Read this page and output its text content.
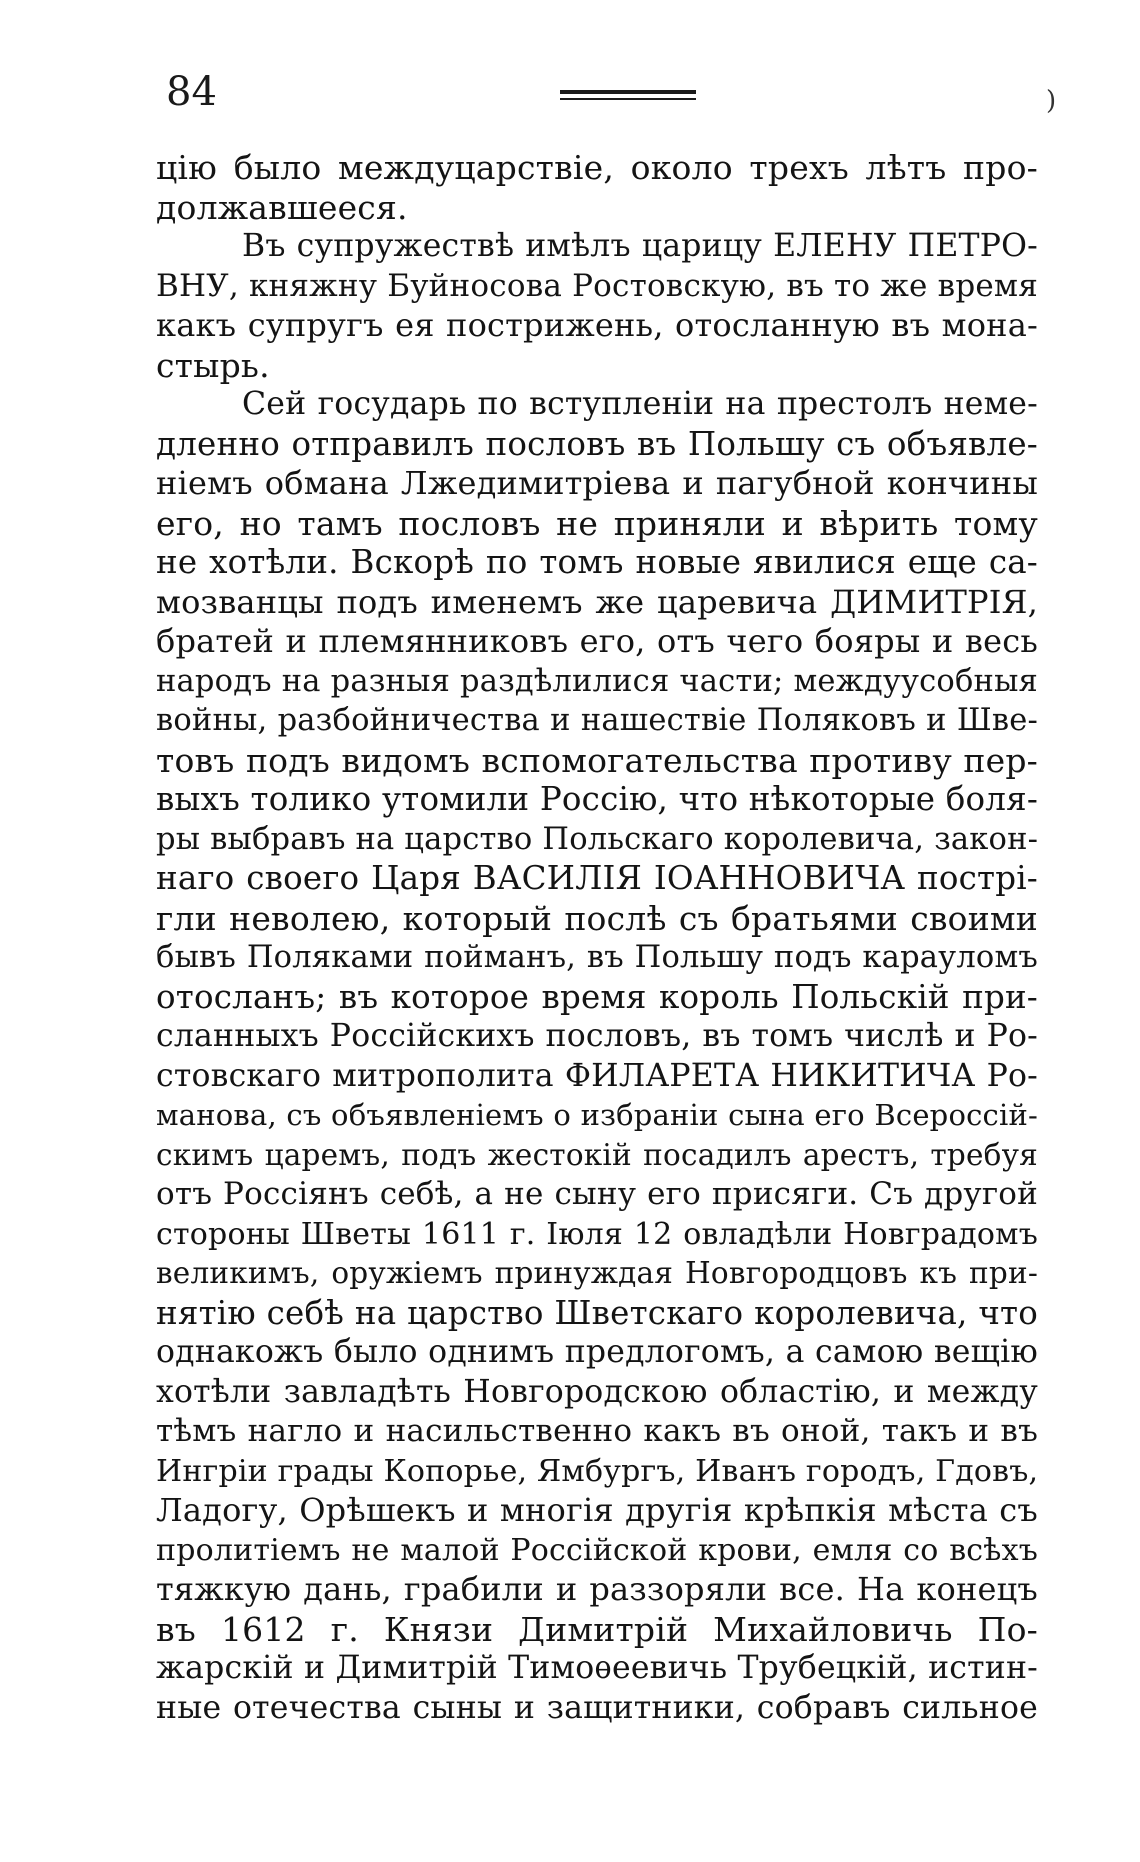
84	)
цію было междуцарствіе, около трехъ лѣтъ про-
должавшееся.
Въ супружествѣ имѣлъ царицу ЕЛЕНУ ПЕТРО-
ВНУ, княжну Буйносова Ростовскую, въ то же время
какъ супругъ ея пострижень, отосланную въ мона-
стырь.
Сей государь по вступленіи на престолъ неме-
дленно отправилъ пословъ въ Польшу съ объявле-
ніемъ обмана Лжедимитріева и пагубной кончины
его, но тамъ пословъ не приняли и вѣрить тому
не хотѣли. Вскорѣ по томъ новые явилися еще са-
мозванцы подъ именемъ же царевича ДИМИТРІЯ,
братей и племянниковъ его, отъ чего бояры и весь
народъ на разныя раздѣлилися части; междуусобныя
войны, разбойничества и нашествіе Поляковъ и Шве-
товъ подъ видомъ вспомогательства противу пер-
выхъ толико утомили Россію, что нѣкоторые боля-
ры выбравъ на царство Польскаго королевича, закон-
наго своего Царя ВАСИЛІЯ ІОАННОВИЧА пострі-
гли неволею, который послѣ съ братьями своими
бывъ Поляками пойманъ, въ Польшу подъ карауломъ
отосланъ; въ которое время король Польскій при-
сланныхъ Россійскихъ пословъ, въ томъ числѣ и Ро-
стовскаго митрополита ФИЛАРЕТА НИКИТИЧА Ро-
манова, съ объявленіемъ о избраніи сына его Всероссій-
скимъ царемъ, подъ жестокій посадилъ арестъ, требуя
отъ Россіянъ себѣ, а не сыну его присяги. Съ другой
стороны Шветы 1611 г. Іюля 12 овладѣли Новградомъ
великимъ, оружіемъ принуждая Новгородцовъ къ при-
нятію себѣ на царство Шветскаго королевича, что
однакожъ было однимъ предлогомъ, а самою вещію
хотѣли завладѣть Новгородскою областію, и между
тѣмъ нагло и насильственно какъ въ оной, такъ и въ
Ингріи грады Копорье, Ямбургъ, Иванъ городъ, Гдовъ,
Ладогу, Орѣшекъ и многія другія крѣпкія мѣста съ
пролитіемъ не малой Россійской крови, емля со всѣхъ
тяжкую дань, грабили и раззоряли все. На конецъ
въ 1612 г. Князи Димитрій Михайловичь По-
жарскій и Димитрій Тимоѳеевичь Трубецкій, истин-
ные отечества сыны и защитники, собравъ сильное
